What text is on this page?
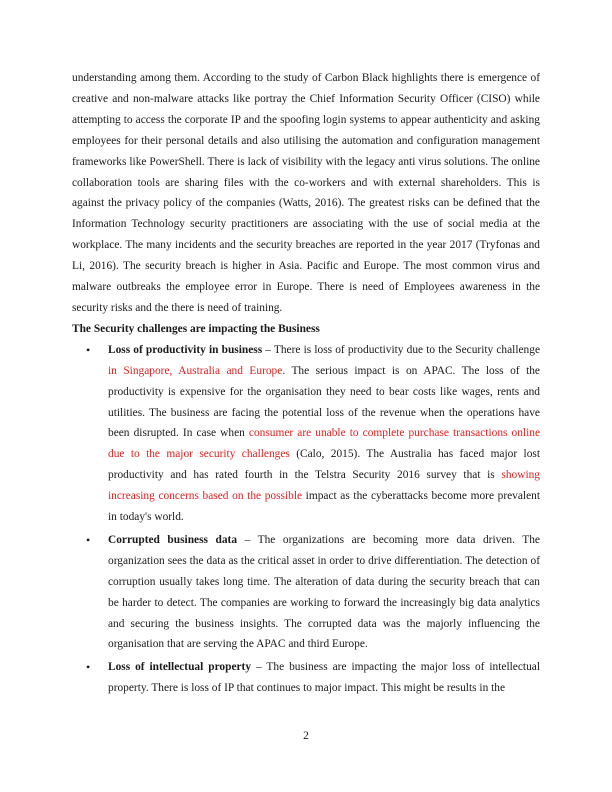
understanding among them. According to the study of Carbon Black highlights there is emergence of creative and non-malware attacks like portray the Chief Information Security Officer (CISO) while attempting to access the corporate IP and the spoofing login systems to appear authenticity and asking employees for their personal details and also utilising the automation and configuration management frameworks like PowerShell. There is lack of visibility with the legacy anti virus solutions. The online collaboration tools are sharing files with the co-workers and with external shareholders. This is against the privacy policy of the companies (Watts, 2016). The greatest risks can be defined that the Information Technology security practitioners are associating with the use of social media at the workplace. The many incidents and the security breaches are reported in the year 2017 (Tryfonas and Li, 2016). The security breach is higher in Asia. Pacific and Europe. The most common virus and malware outbreaks the employee error in Europe. There is need of Employees awareness in the security risks and the there is need of training.

The Security challenges are impacting the Business

• Loss of productivity in business – There is loss of productivity due to the Security challenge in Singapore, Australia and Europe. The serious impact is on APAC. The loss of the productivity is expensive for the organisation they need to bear costs like wages, rents and utilities. The business are facing the potential loss of the revenue when the operations have been disrupted. In case when consumer are unable to complete purchase transactions online due to the major security challenges (Calo, 2015). The Australia has faced major lost productivity and has rated fourth in the Telstra Security 2016 survey that is showing increasing concerns based on the possible impact as the cyberattacks become more prevalent in today's world.
• Corrupted business data – The organizations are becoming more data driven. The organization sees the data as the critical asset in order to drive differentiation. The detection of corruption usually takes long time. The alteration of data during the security breach that can be harder to detect. The companies are working to forward the increasingly big data analytics and securing the business insights. The corrupted data was the majorly influencing the organisation that are serving the APAC and third Europe.
• Loss of intellectual property – The business are impacting the major loss of intellectual property. There is loss of IP that continues to major impact. This might be results in the
2
